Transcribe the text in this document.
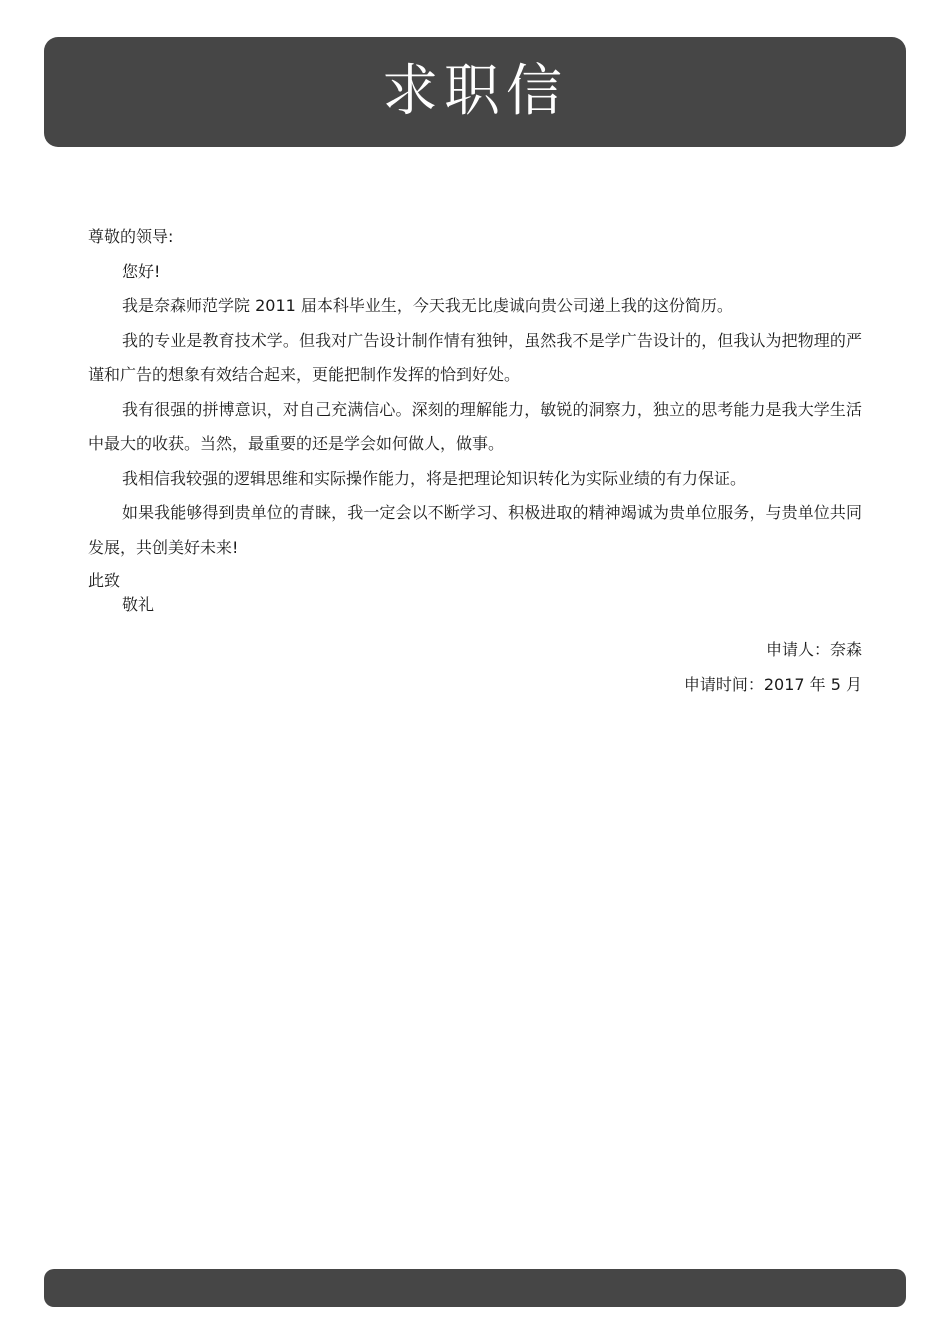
求职信

尊敬的领导:

您好!

我是奈森师范学院 2011 届本科毕业生，今天我无比虔诚向贵公司递上我的这份简历。

我的专业是教育技术学。但我对广告设计制作情有独钟，虽然我不是学广告设计的，但我认为把物理的严谨和广告的想象有效结合起来，更能把制作发挥的恰到好处。

我有很强的拼博意识，对自己充满信心。深刻的理解能力，敏锐的洞察力，独立的思考能力是我大学生活中最大的收获。当然，最重要的还是学会如何做人，做事。

我相信我较强的逻辑思维和实际操作能力，将是把理论知识转化为实际业绩的有力保证。

如果我能够得到贵单位的青睐，我一定会以不断学习、积极进取的精神竭诚为贵单位服务，与贵单位共同发展，共创美好未来!

此致

敬礼

申请人：奈森

申请时间：2017 年 5 月
